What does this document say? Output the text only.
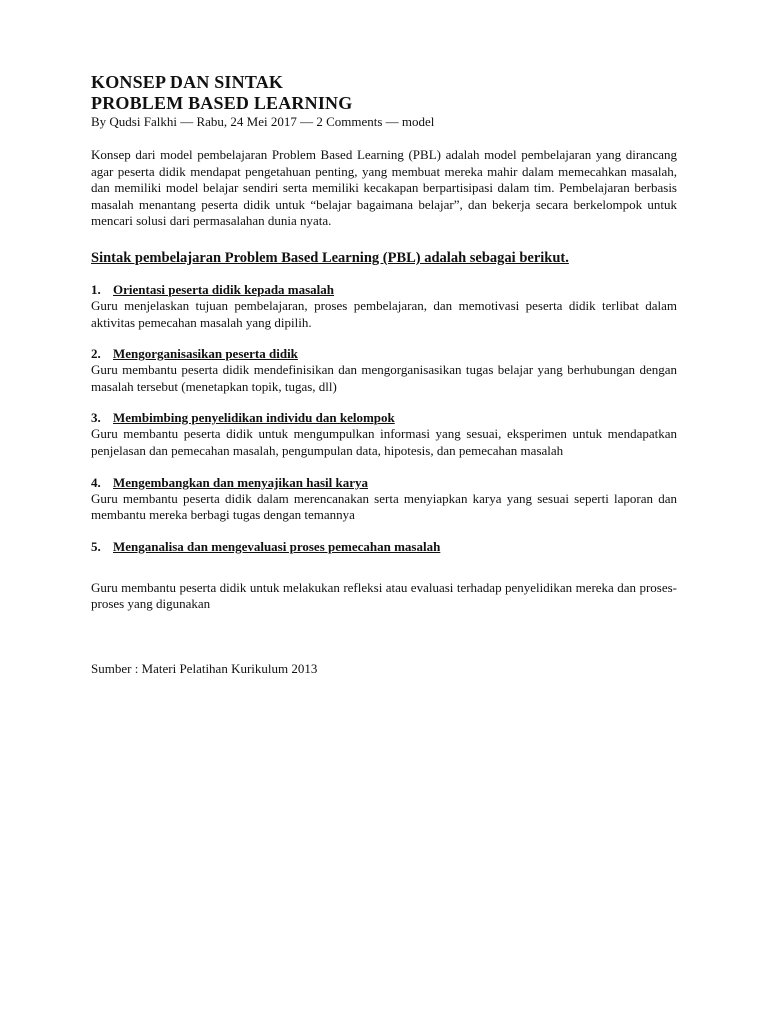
KONSEP DAN SINTAK
PROBLEM BASED LEARNING
By Qudsi Falkhi — Rabu, 24 Mei 2017 — 2 Comments — model
Konsep dari model pembelajaran Problem Based Learning (PBL) adalah model pembelajaran yang dirancang agar peserta didik mendapat pengetahuan penting, yang membuat mereka mahir dalam memecahkan masalah, dan memiliki model belajar sendiri serta memiliki kecakapan berpartisipasi dalam tim. Pembelajaran berbasis masalah menantang peserta didik untuk “belajar bagaimana belajar”, dan bekerja secara berkelompok untuk mencari solusi dari permasalahan dunia nyata.
Sintak pembelajaran Problem Based Learning (PBL) adalah sebagai berikut.
1. Orientasi peserta didik kepada masalah
Guru menjelaskan tujuan pembelajaran, proses pembelajaran, dan memotivasi peserta didik terlibat dalam aktivitas pemecahan masalah yang dipilih.
2. Mengorganisasikan peserta didik
Guru membantu peserta didik mendefinisikan dan mengorganisasikan tugas belajar yang berhubungan dengan masalah tersebut (menetapkan topik, tugas, dll)
3. Membimbing penyelidikan individu dan kelompok
Guru membantu peserta didik untuk mengumpulkan informasi yang sesuai, eksperimen untuk mendapatkan penjelasan dan pemecahan masalah, pengumpulan data, hipotesis, dan pemecahan masalah
4. Mengembangkan dan menyajikan hasil karya
Guru membantu peserta didik dalam merencanakan serta menyiapkan karya yang sesuai seperti laporan dan membantu mereka berbagi tugas dengan temannya
5. Menganalisa dan mengevaluasi proses pemecahan masalah
Guru membantu peserta didik untuk melakukan refleksi atau evaluasi terhadap penyelidikan mereka dan proses-proses yang digunakan
Sumber : Materi Pelatihan Kurikulum 2013
